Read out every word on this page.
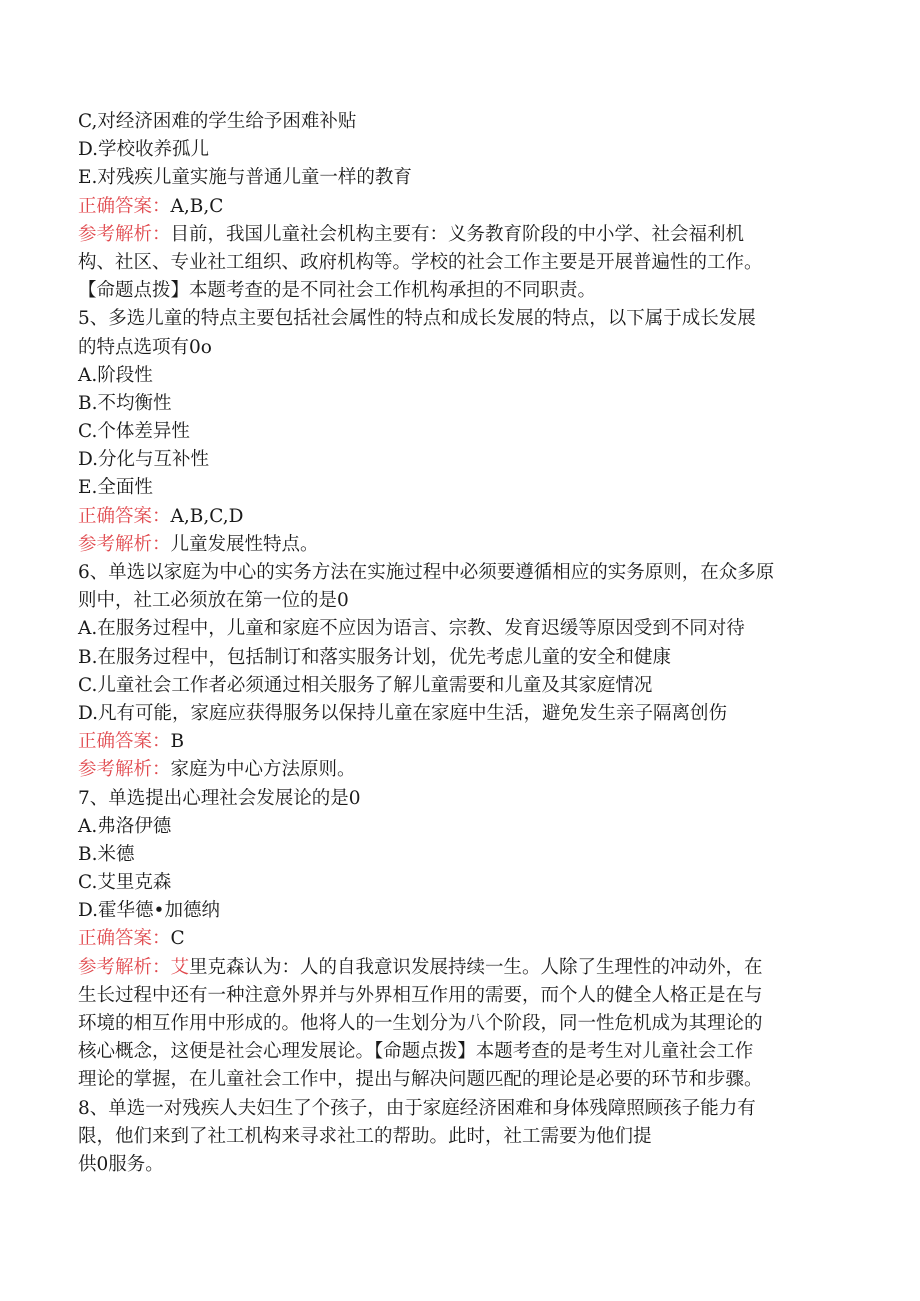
C,对经济困难的学生给予困难补贴
D.学校收养孤儿
E.对残疾儿童实施与普通儿童一样的教育
正确答案：A,B,C
参考解析：目前，我国儿童社会机构主要有：义务教育阶段的中小学、社会福利机
构、社区、专业社工组织、政府机构等。学校的社会工作主要是开展普遍性的工作。
【命题点拨】本题考查的是不同社会工作机构承担的不同职责。
5、多选儿童的特点主要包括社会属性的特点和成长发展的特点，以下属于成长发展
的特点选项有0o
A.阶段性
B.不均衡性
C.个体差异性
D.分化与互补性
E.全面性
正确答案：A,B,C,D
参考解析：儿童发展性特点。
6、单选以家庭为中心的实务方法在实施过程中必须要遵循相应的实务原则，在众多原
则中，社工必须放在第一位的是0
A.在服务过程中，儿童和家庭不应因为语言、宗教、发育迟缓等原因受到不同对待
B.在服务过程中，包括制订和落实服务计划，优先考虑儿童的安全和健康
C.儿童社会工作者必须通过相关服务了解儿童需要和儿童及其家庭情况
D.凡有可能，家庭应获得服务以保持儿童在家庭中生活，避免发生亲子隔离创伤
正确答案：B
参考解析：家庭为中心方法原则。
7、单选提出心理社会发展论的是0
A.弗洛伊德
B.米德
C.艾里克森
D.霍华德•加德纳
正确答案：C
参考解析：艾里克森认为：人的自我意识发展持续一生。人除了生理性的冲动外，在
生长过程中还有一种注意外界并与外界相互作用的需要，而个人的健全人格正是在与
环境的相互作用中形成的。他将人的一生划分为八个阶段，同一性危机成为其理论的
核心概念，这便是社会心理发展论。【命题点拨】本题考查的是考生对儿童社会工作
理论的掌握，在儿童社会工作中，提出与解决问题匹配的理论是必要的环节和步骤。
8、单选一对残疾人夫妇生了个孩子，由于家庭经济困难和身体残障照顾孩子能力有
限，他们来到了社工机构来寻求社工的帮助。此时，社工需要为他们提
供0服务。
